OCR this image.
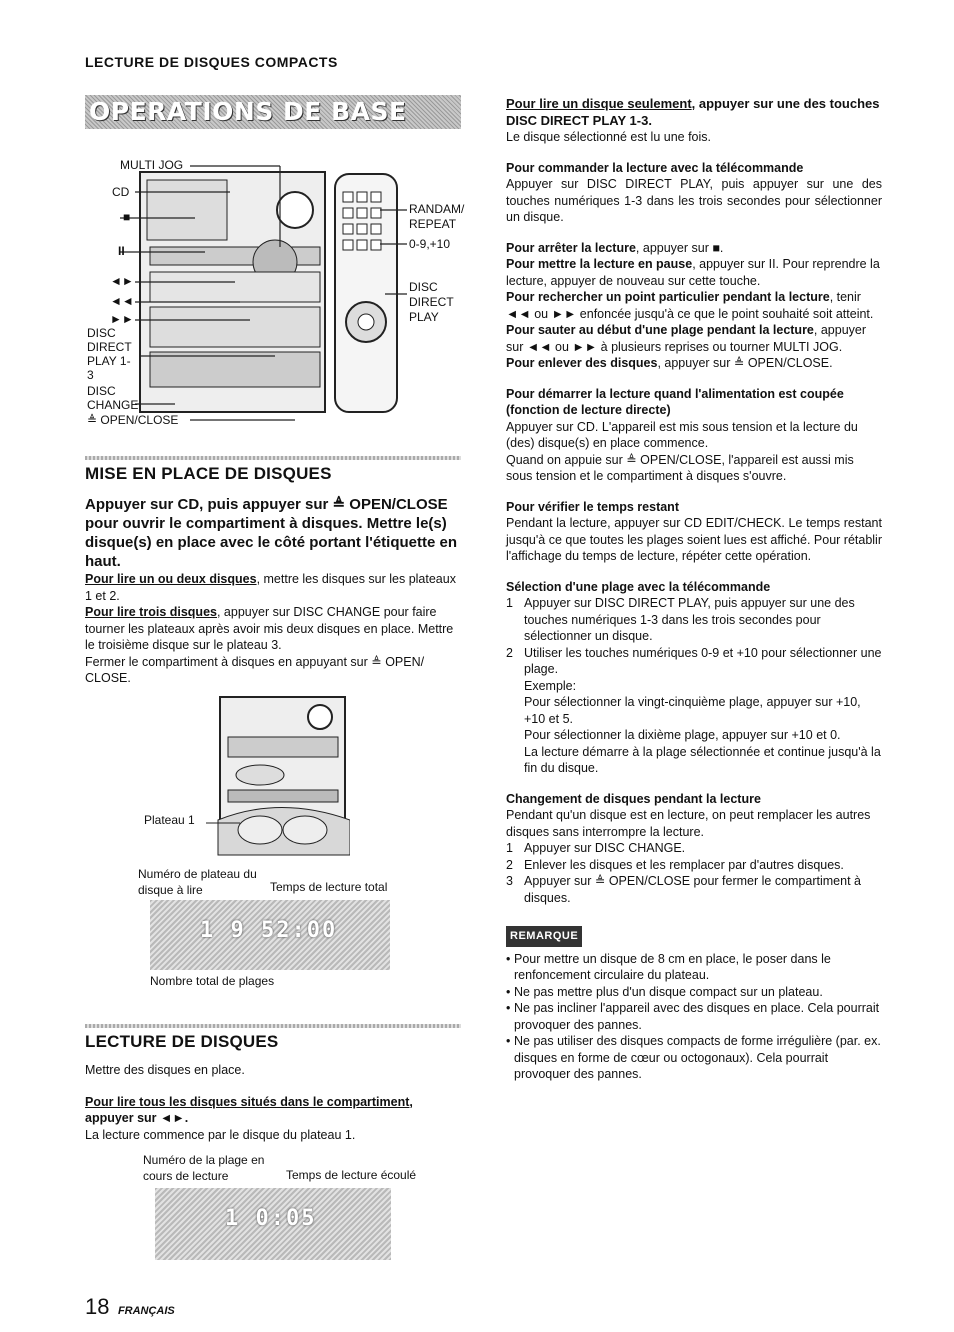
LECTURE DE DISQUES COMPACTS
OPERATIONS DE BASE
MULTI JOG
CD
■
II
◄►
◄◄
►►
DISC DIRECT PLAY 1-3
DISC CHANGE
≜ OPEN/CLOSE
RANDAM/ REPEAT
0-9,+10
DISC DIRECT PLAY
MISE EN PLACE DE DISQUES
Appuyer sur CD, puis appuyer sur ≜ OPEN/CLOSE pour ouvrir le compartiment à disques. Mettre le(s) disque(s) en place avec le côté portant l'étiquette en haut.

Pour lire un ou deux disques, mettre les disques sur les plateaux 1 et 2.

Pour lire trois disques, appuyer sur DISC CHANGE pour faire tourner les plateaux après avoir mis deux disques en place. Mettre le troisième disque sur le plateau 3.

Fermer le compartiment à disques en appuyant sur ≜ OPEN/ CLOSE.

Plateau 1
Numéro de plateau du disque à lire	Temps de lecture total
1 9 52:00
Nombre total de plages
LECTURE DE DISQUES

Mettre des disques en place.

Pour lire tous les disques situés dans le compartiment, appuyer sur ◄►.

La lecture commence par le disque du plateau 1.

Numéro de la plage en cours de lecture	Temps de lecture écoulé
1 0:05

Pour lire un disque seulement, appuyer sur une des touches DISC DIRECT PLAY 1-3.

Le disque sélectionné est lu une fois.

Pour commander la lecture avec la télécommande

Appuyer sur DISC DIRECT PLAY, puis appuyer sur une des touches numériques 1-3 dans les trois secondes pour sélectionner un disque.

Pour arrêter la lecture, appuyer sur ■.

Pour mettre la lecture en pause, appuyer sur II. Pour reprendre la lecture, appuyer de nouveau sur cette touche.

Pour rechercher un point particulier pendant la lecture, tenir ◄◄ ou ►► enfoncée jusqu'à ce que le point souhaité soit atteint.

Pour sauter au début d'une plage pendant la lecture, appuyer sur ◄◄ ou ►► à plusieurs reprises ou tourner MULTI JOG.

Pour enlever des disques, appuyer sur ≜ OPEN/CLOSE.

Pour démarrer la lecture quand l'alimentation est coupée (fonction de lecture directe)

Appuyer sur CD. L'appareil est mis sous tension et la lecture du (des) disque(s) en place commence.

Quand on appuie sur ≜ OPEN/CLOSE, l'appareil est aussi mis sous tension et le compartiment à disques s'ouvre.

Pour vérifier le temps restant

Pendant la lecture, appuyer sur CD EDIT/CHECK. Le temps restant jusqu'à ce que toutes les plages soient lues est affiché. Pour rétablir l'affichage du temps de lecture, répéter cette opération.

Sélection d'une plage avec la télécommande

1 Appuyer sur DISC DIRECT PLAY, puis appuyer sur une des touches numériques 1-3 dans les trois secondes pour sélectionner un disque.
2 Utiliser les touches numériques 0-9 et +10 pour sélectionner une plage.
Exemple:
Pour sélectionner la vingt-cinquième plage, appuyer sur +10, +10 et 5.
Pour sélectionner la dixième plage, appuyer sur +10 et 0.
La lecture démarre à la plage sélectionnée et continue jusqu'à la fin du disque.

Changement de disques pendant la lecture

Pendant qu'un disque est en lecture, on peut remplacer les autres disques sans interrompre la lecture.

1 Appuyer sur DISC CHANGE.
2 Enlever les disques et les remplacer par d'autres disques.
3 Appuyer sur ≜ OPEN/CLOSE pour fermer le compartiment à disques.
REMARQUE
• Pour mettre un disque de 8 cm en place, le poser dans le renfoncement circulaire du plateau.
• Ne pas mettre plus d'un disque compact sur un plateau.
• Ne pas incliner l'appareil avec des disques en place. Cela pourrait provoquer des pannes.
• Ne pas utiliser des disques compacts de forme irrégulière (par. ex. disques en forme de cœur ou octogonaux). Cela pourrait provoquer des pannes.
18 FRANÇAIS
